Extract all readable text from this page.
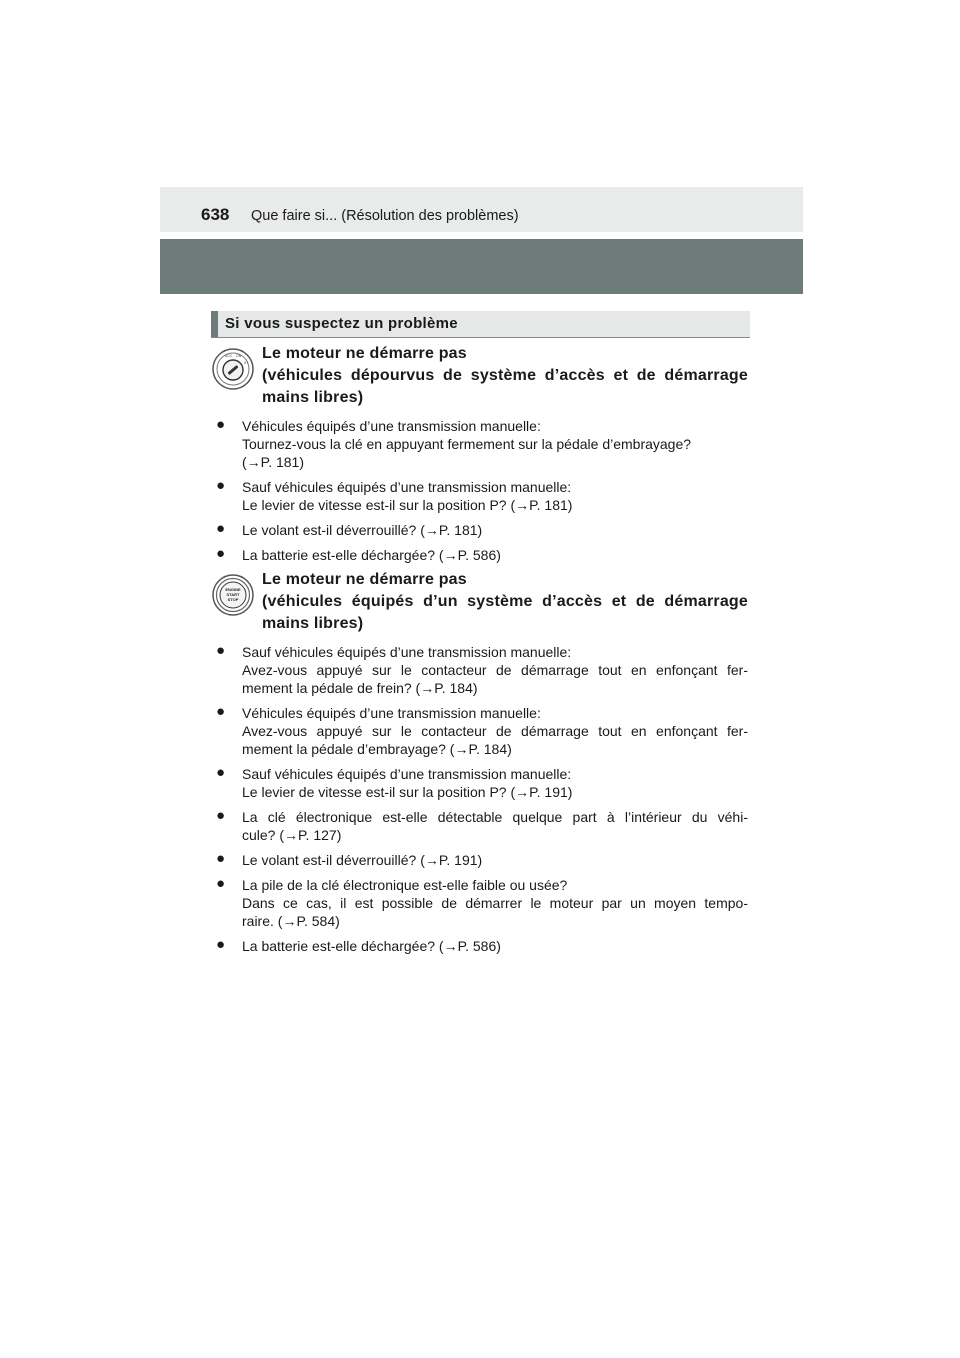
638 Que faire si... (Résolution des problèmes)
Si vous suspectez un problème
ACC ON
ST
Le moteur ne démarre pas
(véhicules dépourvus de système d’accès et de démarrage
mains libres)
● Véhicules équipés d’une transmission manuelle:
Tournez-vous la clé en appuyant fermement sur la pédale d’embrayage?
(→P. 181)
● Sauf véhicules équipés d’une transmission manuelle:
Le levier de vitesse est-il sur la position P? (→P. 181)
● Le volant est-il déverrouillé? (→P. 181)
● La batterie est-elle déchargée? (→P. 586)
ENGINE
START
STOP
Le moteur ne démarre pas
(véhicules équipés d’un système d’accès et de démarrage
mains libres)
● Sauf véhicules équipés d’une transmission manuelle:
Avez-vous appuyé sur le contacteur de démarrage tout en enfonçant fer-
mement la pédale de frein? (→P. 184)
● Véhicules équipés d’une transmission manuelle:
Avez-vous appuyé sur le contacteur de démarrage tout en enfonçant fer-
mement la pédale d’embrayage? (→P. 184)
● Sauf véhicules équipés d’une transmission manuelle:
Le levier de vitesse est-il sur la position P? (→P. 191)
● La clé électronique est-elle détectable quelque part à l’intérieur du véhi-
cule? (→P. 127)
● Le volant est-il déverrouillé? (→P. 191)
● La pile de la clé électronique est-elle faible ou usée?
Dans ce cas, il est possible de démarrer le moteur par un moyen tempo-
raire. (→P. 584)
● La batterie est-elle déchargée? (→P. 586)
